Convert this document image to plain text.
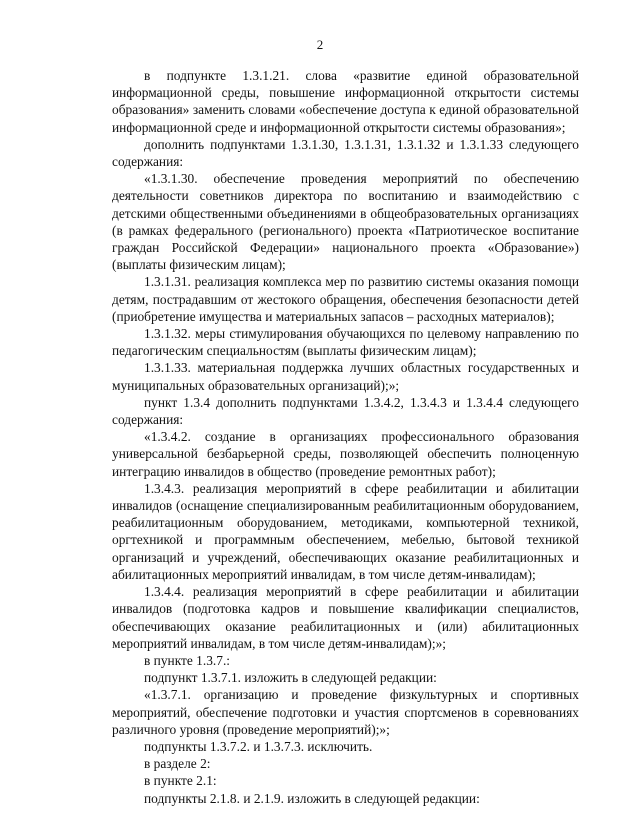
2

в подпункте 1.3.1.21. слова «развитие единой образовательной информационной среды, повышение информационной открытости системы образования» заменить словами «обеспечение доступа к единой образовательной информационной среде и информационной открытости системы образования»;

дополнить подпунктами 1.3.1.30, 1.3.1.31, 1.3.1.32 и 1.3.1.33 следующего содержания:

«1.3.1.30. обеспечение проведения мероприятий по обеспечению деятельности советников директора по воспитанию и взаимодействию с детскими общественными объединениями в общеобразовательных организациях (в рамках федерального (регионального) проекта «Патриотическое воспитание граждан Российской Федерации» национального проекта «Образование») (выплаты физическим лицам);

1.3.1.31. реализация комплекса мер по развитию системы оказания помощи детям, пострадавшим от жестокого обращения, обеспечения безопасности детей (приобретение имущества и материальных запасов – расходных материалов);

1.3.1.32. меры стимулирования обучающихся по целевому направлению по педагогическим специальностям (выплаты физическим лицам);

1.3.1.33. материальная поддержка лучших областных государственных и муниципальных образовательных организаций);»;

пункт 1.3.4 дополнить подпунктами 1.3.4.2, 1.3.4.3 и 1.3.4.4 следующего содержания:

«1.3.4.2. создание в организациях профессионального образования универсальной безбарьерной среды, позволяющей обеспечить полноценную интеграцию инвалидов в общество (проведение ремонтных работ);

1.3.4.3. реализация мероприятий в сфере реабилитации и абилитации инвалидов (оснащение специализированным реабилитационным оборудованием, реабилитационным оборудованием, методиками, компьютерной техникой, оргтехникой и программным обеспечением, мебелью, бытовой техникой организаций и учреждений, обеспечивающих оказание реабилитационных и абилитационных мероприятий инвалидам, в том числе детям-инвалидам);

1.3.4.4. реализация мероприятий в сфере реабилитации и абилитации инвалидов (подготовка кадров и повышение квалификации специалистов, обеспечивающих оказание реабилитационных и (или) абилитационных мероприятий инвалидам, в том числе детям-инвалидам);»;

в пункте 1.3.7.:

подпункт 1.3.7.1. изложить в следующей редакции:

«1.3.7.1. организацию и проведение физкультурных и спортивных мероприятий, обеспечение подготовки и участия спортсменов в соревнованиях различного уровня (проведение мероприятий);»;

подпункты 1.3.7.2. и 1.3.7.3. исключить.

в разделе 2:

в пункте 2.1:

подпункты 2.1.8. и 2.1.9. изложить в следующей редакции:
